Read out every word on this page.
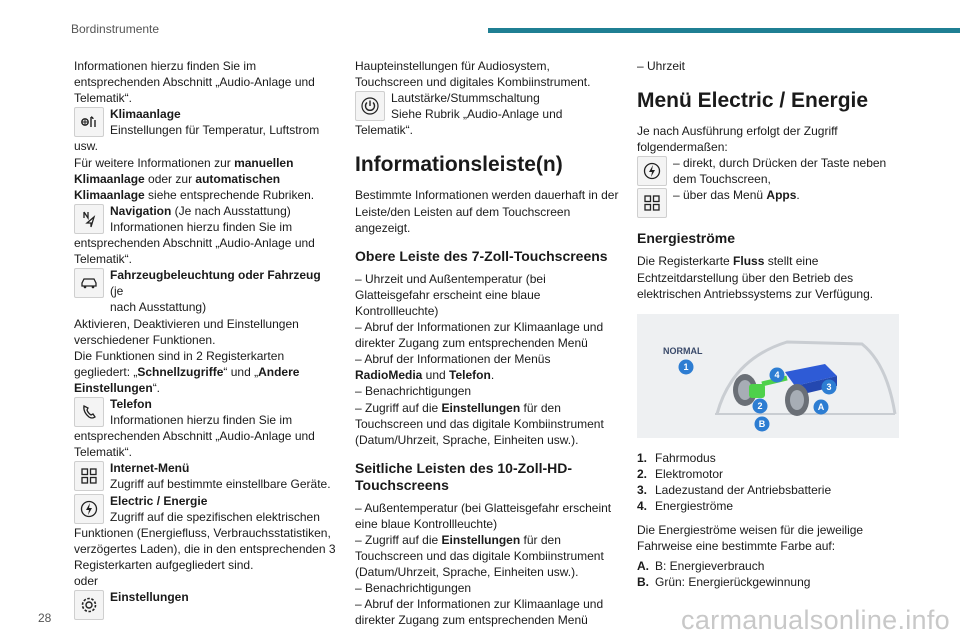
Bordinstrumente

Informationen hierzu finden Sie im entsprechenden Abschnitt „Audio-Anlage und Telematik“.

Klimaanlage

Einstellungen für Temperatur, Luftstrom

usw.

Für weitere Informationen zur manuellen Klimaanlage oder zur automatischen Klimaanlage siehe entsprechende Rubriken.

Navigation (Je nach Ausstattung)

Informationen hierzu finden Sie im

entsprechenden Abschnitt „Audio-Anlage und Telematik“.

Fahrzeugbeleuchtung oder Fahrzeug (je

nach Ausstattung)

Aktivieren, Deaktivieren und Einstellungen verschiedener Funktionen.

Die Funktionen sind in 2 Registerkarten gegliedert: „Schnellzugriffe“ und „Andere Einstellungen“.

Telefon

Informationen hierzu finden Sie im

entsprechenden Abschnitt „Audio-Anlage und Telematik“.

Internet-Menü

Zugriff auf bestimmte einstellbare Geräte.

Electric / Energie

Zugriff auf die spezifischen elektrischen

Funktionen (Energiefluss, Verbrauchsstatistiken, verzögertes Laden), die in den entsprechenden 3 Registerkarten aufgegliedert sind.

oder

Einstellungen

Haupteinstellungen für Audiosystem, Touchscreen und digitales Kombiinstrument.

Lautstärke/Stummschaltung

Siehe Rubrik „Audio-Anlage und

Telematik“.

Informationsleiste(n)

Bestimmte Informationen werden dauerhaft in der Leiste/den Leisten auf dem Touchscreen angezeigt.

Obere Leiste des 7-Zoll-Touchscreens

– Uhrzeit und Außentemperatur (bei Glatteisgefahr erscheint eine blaue Kontrollleuchte)

– Abruf der Informationen zur Klimaanlage und direkter Zugang zum entsprechenden Menü

– Abruf der Informationen der Menüs RadioMedia und Telefon.

– Benachrichtigungen

– Zugriff auf die Einstellungen für den Touchscreen und das digitale Kombiinstrument (Datum/Uhrzeit, Sprache, Einheiten usw.).

Seitliche Leisten des 10-Zoll-HD-Touchscreens

– Außentemperatur (bei Glatteisgefahr erscheint eine blaue Kontrollleuchte)

– Zugriff auf die Einstellungen für den Touchscreen und das digitale Kombiinstrument (Datum/Uhrzeit, Sprache, Einheiten usw.).

– Benachrichtigungen

– Abruf der Informationen zur Klimaanlage und direkter Zugang zum entsprechenden Menü

– Uhrzeit

Menü Electric / Energie

Je nach Ausführung erfolgt der Zugriff folgendermaßen:

– direkt, durch Drücken der Taste neben dem Touchscreen,

– über das Menü Apps.

Energieströme

Die Registerkarte Fluss stellt eine Echtzeitdarstellung über den Betrieb des elektrischen Antriebssystems zur Verfügung.

NORMAL
1
2
3
4
A
B
1. Fahrmodus
2. Elektromotor
3. Ladezustand der Antriebsbatterie
4. Energieströme

Die Energieströme weisen für die jeweilige Fahrweise eine bestimmte Farbe auf:

A. B: Energieverbrauch
B. Grün: Energierückgewinnung
28	carmanualsonline.info
